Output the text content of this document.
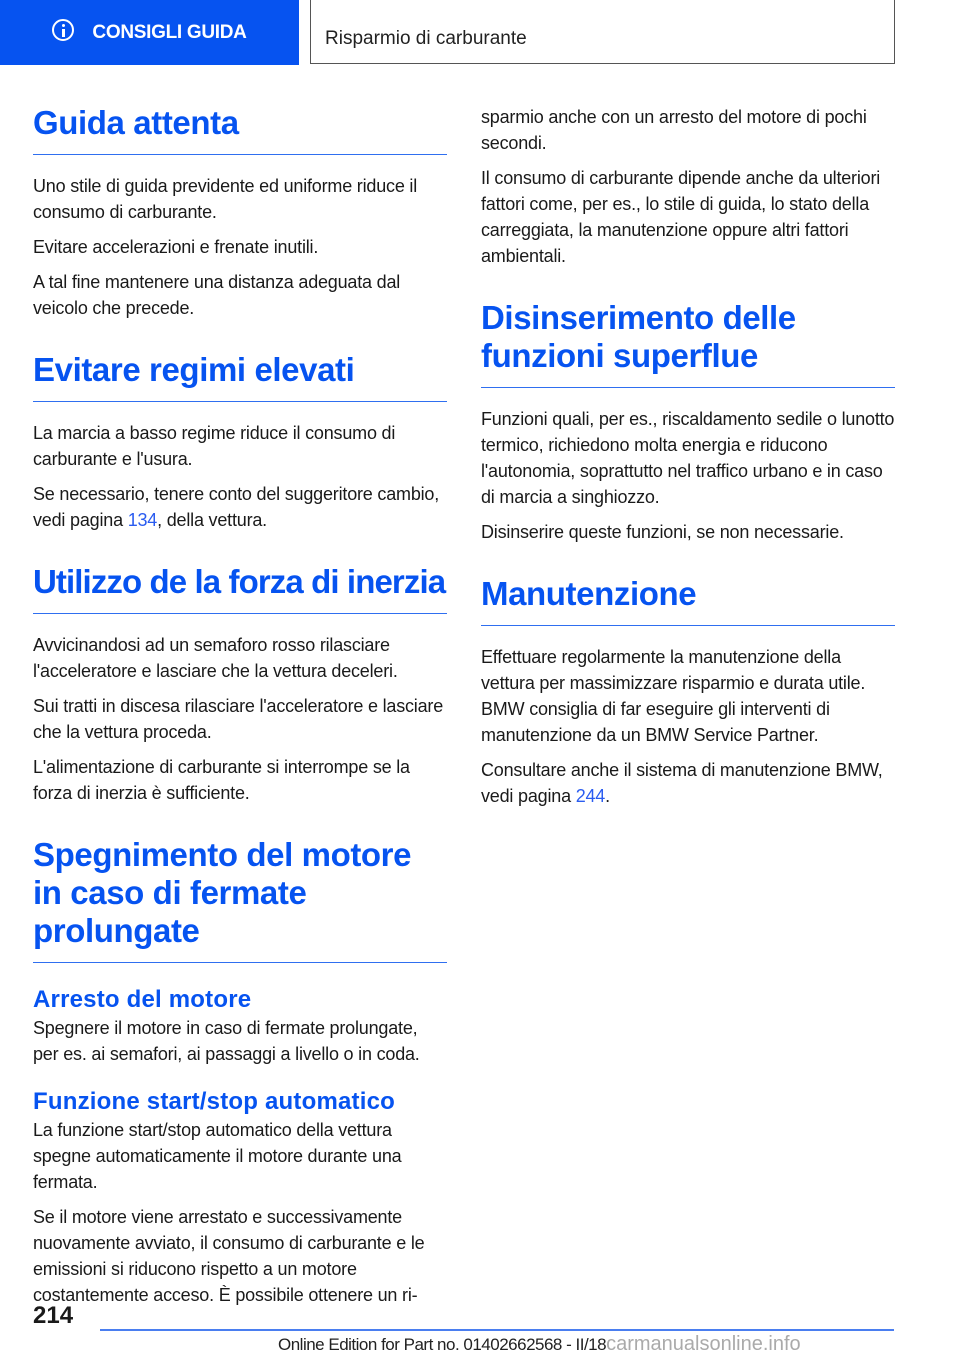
CONSIGLI GUIDA	Risparmio di carburante
Guida attenta

Uno stile di guida previdente ed uniforme riduce il consumo di carburante.

Evitare accelerazioni e frenate inutili.

A tal fine mantenere una distanza adeguata dal veicolo che precede.

Evitare regimi elevati

La marcia a basso regime riduce il consumo di carburante e l'usura.

Se necessario, tenere conto del suggeritore cambio, vedi pagina 134, della vettura.

Utilizzo de la forza di inerzia

Avvicinandosi ad un semaforo rosso rilasciare l'acceleratore e lasciare che la vettura deceleri.

Sui tratti in discesa rilasciare l'acceleratore e lasciare che la vettura proceda.

L'alimentazione di carburante si interrompe se la forza di inerzia è sufficiente.

Spegnimento del motore in caso di fermate prolungate
Arresto del motore

Spegnere il motore in caso di fermate prolungate, per es. ai semafori, ai passaggi a livello o in coda.

Funzione start/stop automatico

La funzione start/stop automatico della vettura spegne automaticamente il motore durante una fermata.

Se il motore viene arrestato e successivamente nuovamente avviato, il consumo di carburante e le emissioni si riducono rispetto a un motore costantemente acceso. È possibile ottenere un ri-

sparmio anche con un arresto del motore di pochi secondi.

Il consumo di carburante dipende anche da ulteriori fattori come, per es., lo stile di guida, lo stato della carreggiata, la manutenzione oppure altri fattori ambientali.

Disinserimento delle funzioni superflue

Funzioni quali, per es., riscaldamento sedile o lunotto termico, richiedono molta energia e riducono l'autonomia, soprattutto nel traffico urbano e in caso di marcia a singhiozzo.

Disinserire queste funzioni, se non necessarie.

Manutenzione

Effettuare regolarmente la manutenzione della vettura per massimizzare risparmio e durata utile. BMW consiglia di far eseguire gli interventi di manutenzione da un BMW Service Partner.

Consultare anche il sistema di manutenzione BMW, vedi pagina 244.

214
Online Edition for Part no. 01402662568 - II/18carmanualsonline.info
